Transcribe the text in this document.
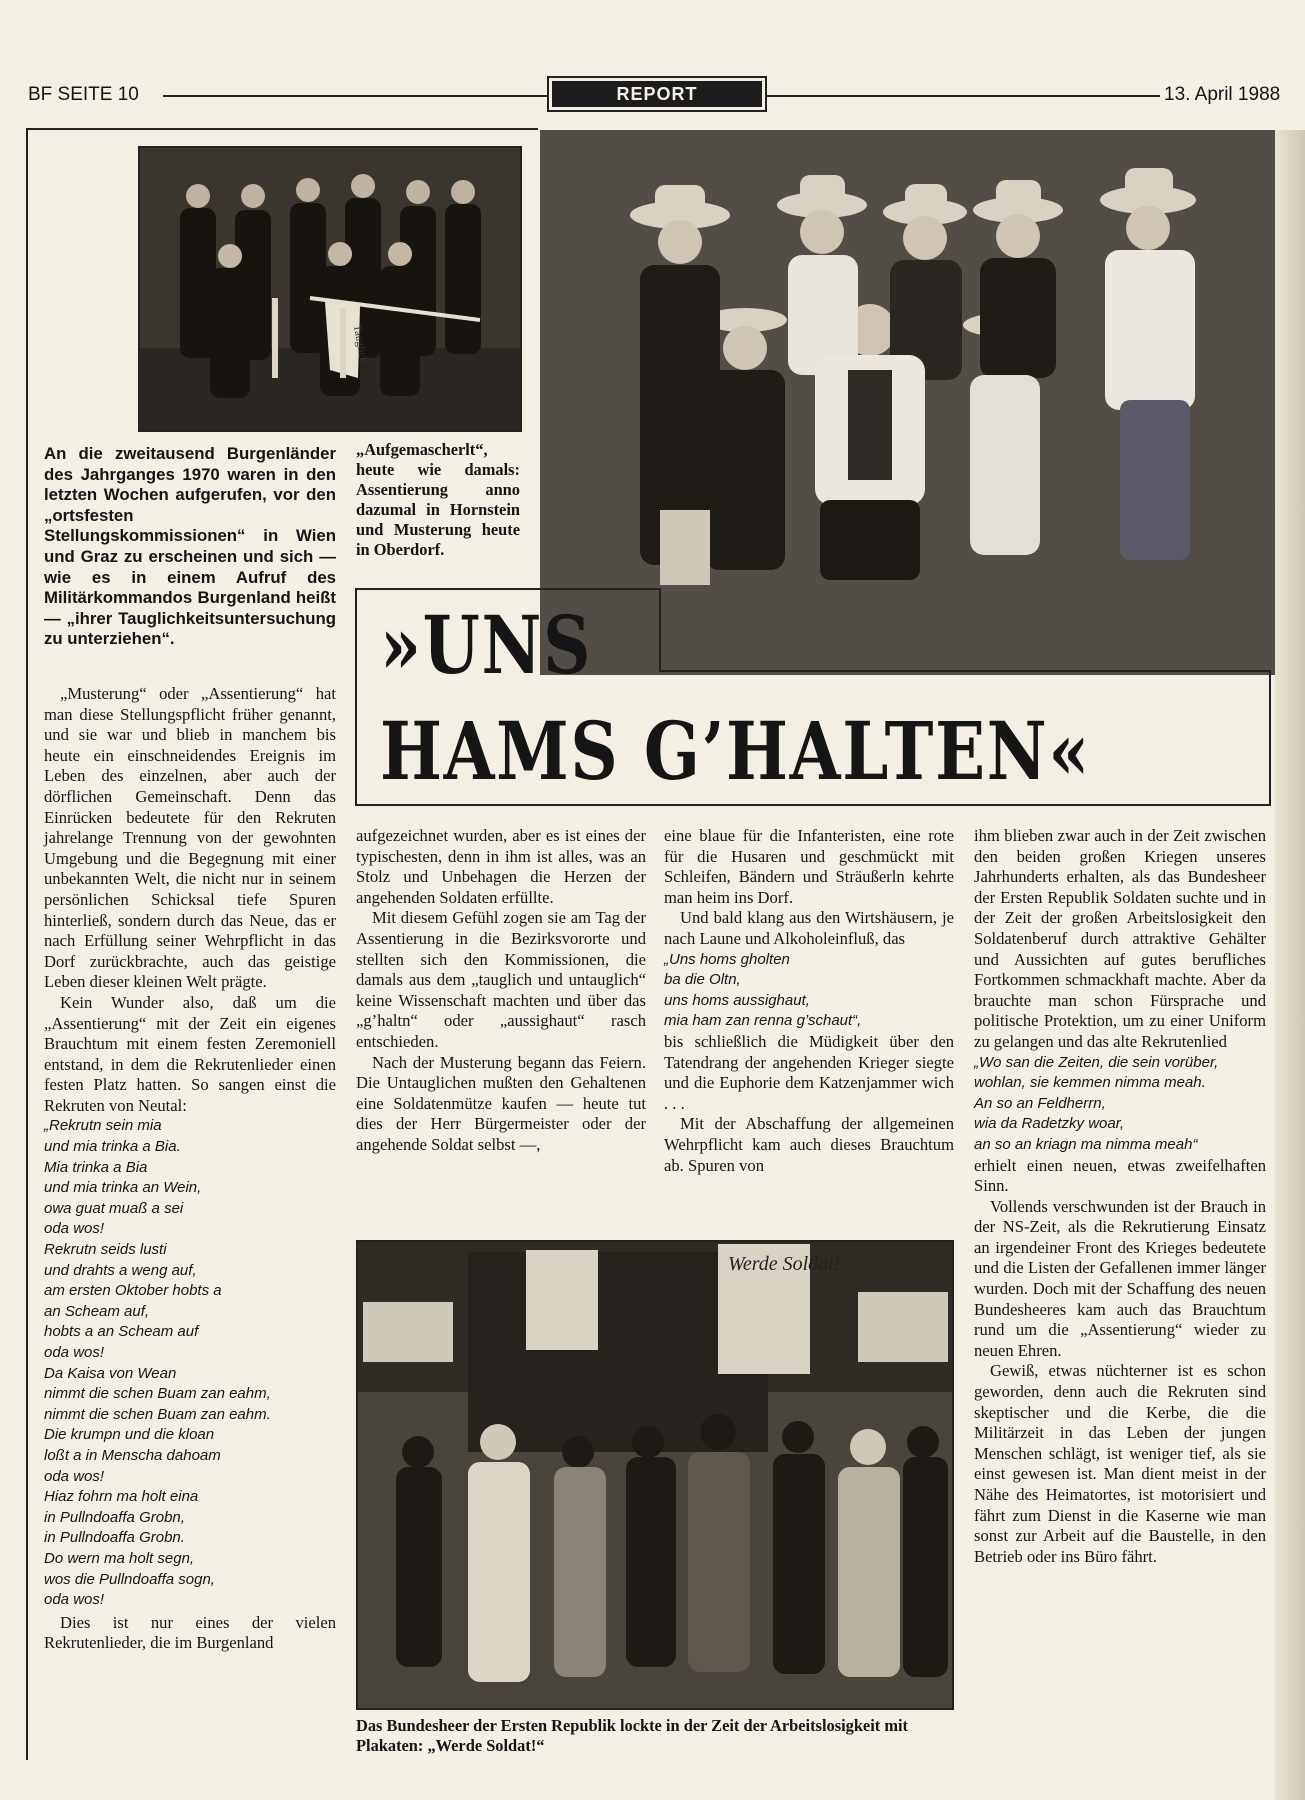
BF SEITE 10	REPORT	13. April 1988
Tauglich
„Aufgemascherlt“, heute wie damals: Assentierung anno dazumal in Hornstein und Musterung heute in Oberdorf.
An die zweitausend Burgenländer des Jahrganges 1970 waren in den letzten Wochen aufgerufen, vor den „ortsfesten Stellungskommissionen“ in Wien und Graz zu erscheinen und sich — wie es in einem Aufruf des Militärkommandos Burgenland heißt — „ihrer Tauglichkeitsuntersuchung zu unterziehen“.	»UNS
HAMS G’HALTEN«

„Musterung“ oder „Assentierung“ hat man diese Stellungspflicht früher genannt, und sie war und blieb in manchem bis heute ein einschneidendes Ereignis im Leben des einzelnen, aber auch der dörflichen Gemeinschaft. Denn das Einrücken bedeutete für den Rekruten jahrelange Trennung von der gewohnten Umgebung und die Begegnung mit einer unbekannten Welt, die nicht nur in seinem persönlichen Schicksal tiefe Spuren hinterließ, sondern durch das Neue, das er nach Erfüllung seiner Wehrpflicht in das Dorf zurückbrachte, auch das geistige Leben dieser kleinen Welt prägte.

Kein Wunder also, daß um die „Assentierung“ mit der Zeit ein eigenes Brauchtum mit einem festen Zeremoniell entstand, in dem die Rekrutenlieder einen festen Platz hatten. So sangen einst die Rekruten von Neutal:

„Rekrutn sein mia
und mia trinka a Bia.
Mia trinka a Bia
und mia trinka an Wein,
owa guat muaß a sei
oda wos!
Rekrutn seids lusti
und drahts a weng auf,
am ersten Oktober hobts a
an Scheam auf,
hobts a an Scheam auf
oda wos!
Da Kaisa von Wean
nimmt die schen Buam zan eahm,
nimmt die schen Buam zan eahm.
Die krumpn und die kloan
loßt a in Menscha dahoam
oda wos!
Hiaz fohrn ma holt eina
in Pullndoaffa Grobn,
in Pullndoaffa Grobn.
Do wern ma holt segn,
wos die Pullndoaffa sogn,
oda wos!

Dies ist nur eines der vielen Rekrutenlieder, die im Burgenland

aufgezeichnet wurden, aber es ist eines der typischesten, denn in ihm ist alles, was an Stolz und Unbehagen die Herzen der angehenden Soldaten erfüllte.

Mit diesem Gefühl zogen sie am Tag der Assentierung in die Bezirksvororte und stellten sich den Kommissionen, die damals aus dem „tauglich und untauglich“ keine Wissenschaft machten und über das „g’haltn“ oder „aussighaut“ rasch entschieden.

Nach der Musterung begann das Feiern. Die Untauglichen mußten den Gehaltenen eine Soldatenmütze kaufen — heute tut dies der Herr Bürgermeister oder der angehende Soldat selbst —,

eine blaue für die Infanteristen, eine rote für die Husaren und geschmückt mit Schleifen, Bändern und Sträußerln kehrte man heim ins Dorf.

Und bald klang aus den Wirtshäusern, je nach Laune und Alkoholeinfluß, das

„Uns homs gholten
ba die Oltn,
uns homs aussighaut,
mia ham zan renna g’schaut“,

bis schließlich die Müdigkeit über den Tatendrang der angehenden Krieger siegte und die Euphorie dem Katzenjammer wich . . .

Mit der Abschaffung der allgemeinen Wehrpflicht kam auch dieses Brauchtum ab. Spuren von

Werde Soldat!
Das Bundesheer der Ersten Republik lockte in der Zeit der Arbeitslosigkeit mit Plakaten: „Werde Soldat!“

ihm blieben zwar auch in der Zeit zwischen den beiden großen Kriegen unseres Jahrhunderts erhalten, als das Bundesheer der Ersten Republik Soldaten suchte und in der Zeit der großen Arbeitslosigkeit den Soldatenberuf durch attraktive Gehälter und Aussichten auf gutes berufliches Fortkommen schmackhaft machte. Aber da brauchte man schon Fürsprache und politische Protektion, um zu einer Uniform zu gelangen und das alte Rekrutenlied

„Wo san die Zeiten, die sein vorüber,
wohlan, sie kemmen nimma meah.
An so an Feldherrn,
wia da Radetzky woar,
an so an kriagn ma nimma meah“

erhielt einen neuen, etwas zweifelhaften Sinn.

Vollends verschwunden ist der Brauch in der NS-Zeit, als die Rekrutierung Einsatz an irgendeiner Front des Krieges bedeutete und die Listen der Gefallenen immer länger wurden. Doch mit der Schaffung des neuen Bundesheeres kam auch das Brauchtum rund um die „Assentierung“ wieder zu neuen Ehren.

Gewiß, etwas nüchterner ist es schon geworden, denn auch die Rekruten sind skeptischer und die Kerbe, die die Militärzeit in das Leben der jungen Menschen schlägt, ist weniger tief, als sie einst gewesen ist. Man dient meist in der Nähe des Heimatortes, ist motorisiert und fährt zum Dienst in die Kaserne wie man sonst zur Arbeit auf die Baustelle, in den Betrieb oder ins Büro fährt.
